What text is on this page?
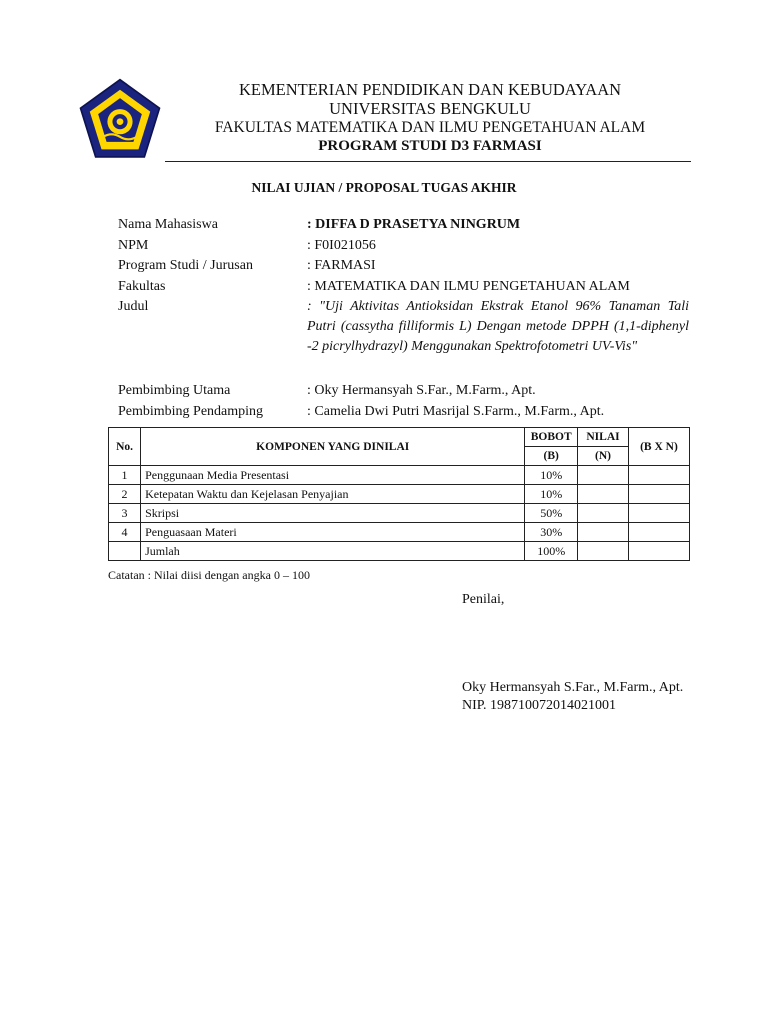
KEMENTERIAN PENDIDIKAN DAN KEBUDAYAAN
UNIVERSITAS BENGKULU
FAKULTAS MATEMATIKA DAN ILMU PENGETAHUAN ALAM
PROGRAM STUDI D3 FARMASI
NILAI UJIAN / PROPOSAL TUGAS AKHIR
Nama Mahasiswa	: DIFFA D PRASETYA NINGRUM
NPM	: F0I021056
Program Studi / Jurusan	: FARMASI
Fakultas	: MATEMATIKA DAN ILMU PENGETAHUAN ALAM
Judul	: "Uji Aktivitas Antioksidan Ekstrak Etanol 96% Tanaman Tali Putri (cassytha filliformis L) Dengan metode DPPH (1,1-diphenyl -2 picrylhydrazyl) Menggunakan Spektrofotometri UV-Vis"
Pembimbing Utama	: Oky Hermansyah S.Far., M.Farm., Apt.
Pembimbing Pendamping	: Camelia Dwi Putri Masrijal S.Farm., M.Farm., Apt.
No.	KOMPONEN YANG DINILAI	BOBOT	NILAI	(B X N)
		(B)	(N)	
1	Penggunaan Media Presentasi	10%		
2	Ketepatan Waktu dan Kejelasan Penyajian	10%		
3	Skripsi	50%		
4	Penguasaan Materi	30%		
	Jumlah	100%		
Catatan : Nilai diisi dengan angka 0 – 100
Penilai,
Oky Hermansyah S.Far., M.Farm., Apt.
NIP. 198710072014021001
